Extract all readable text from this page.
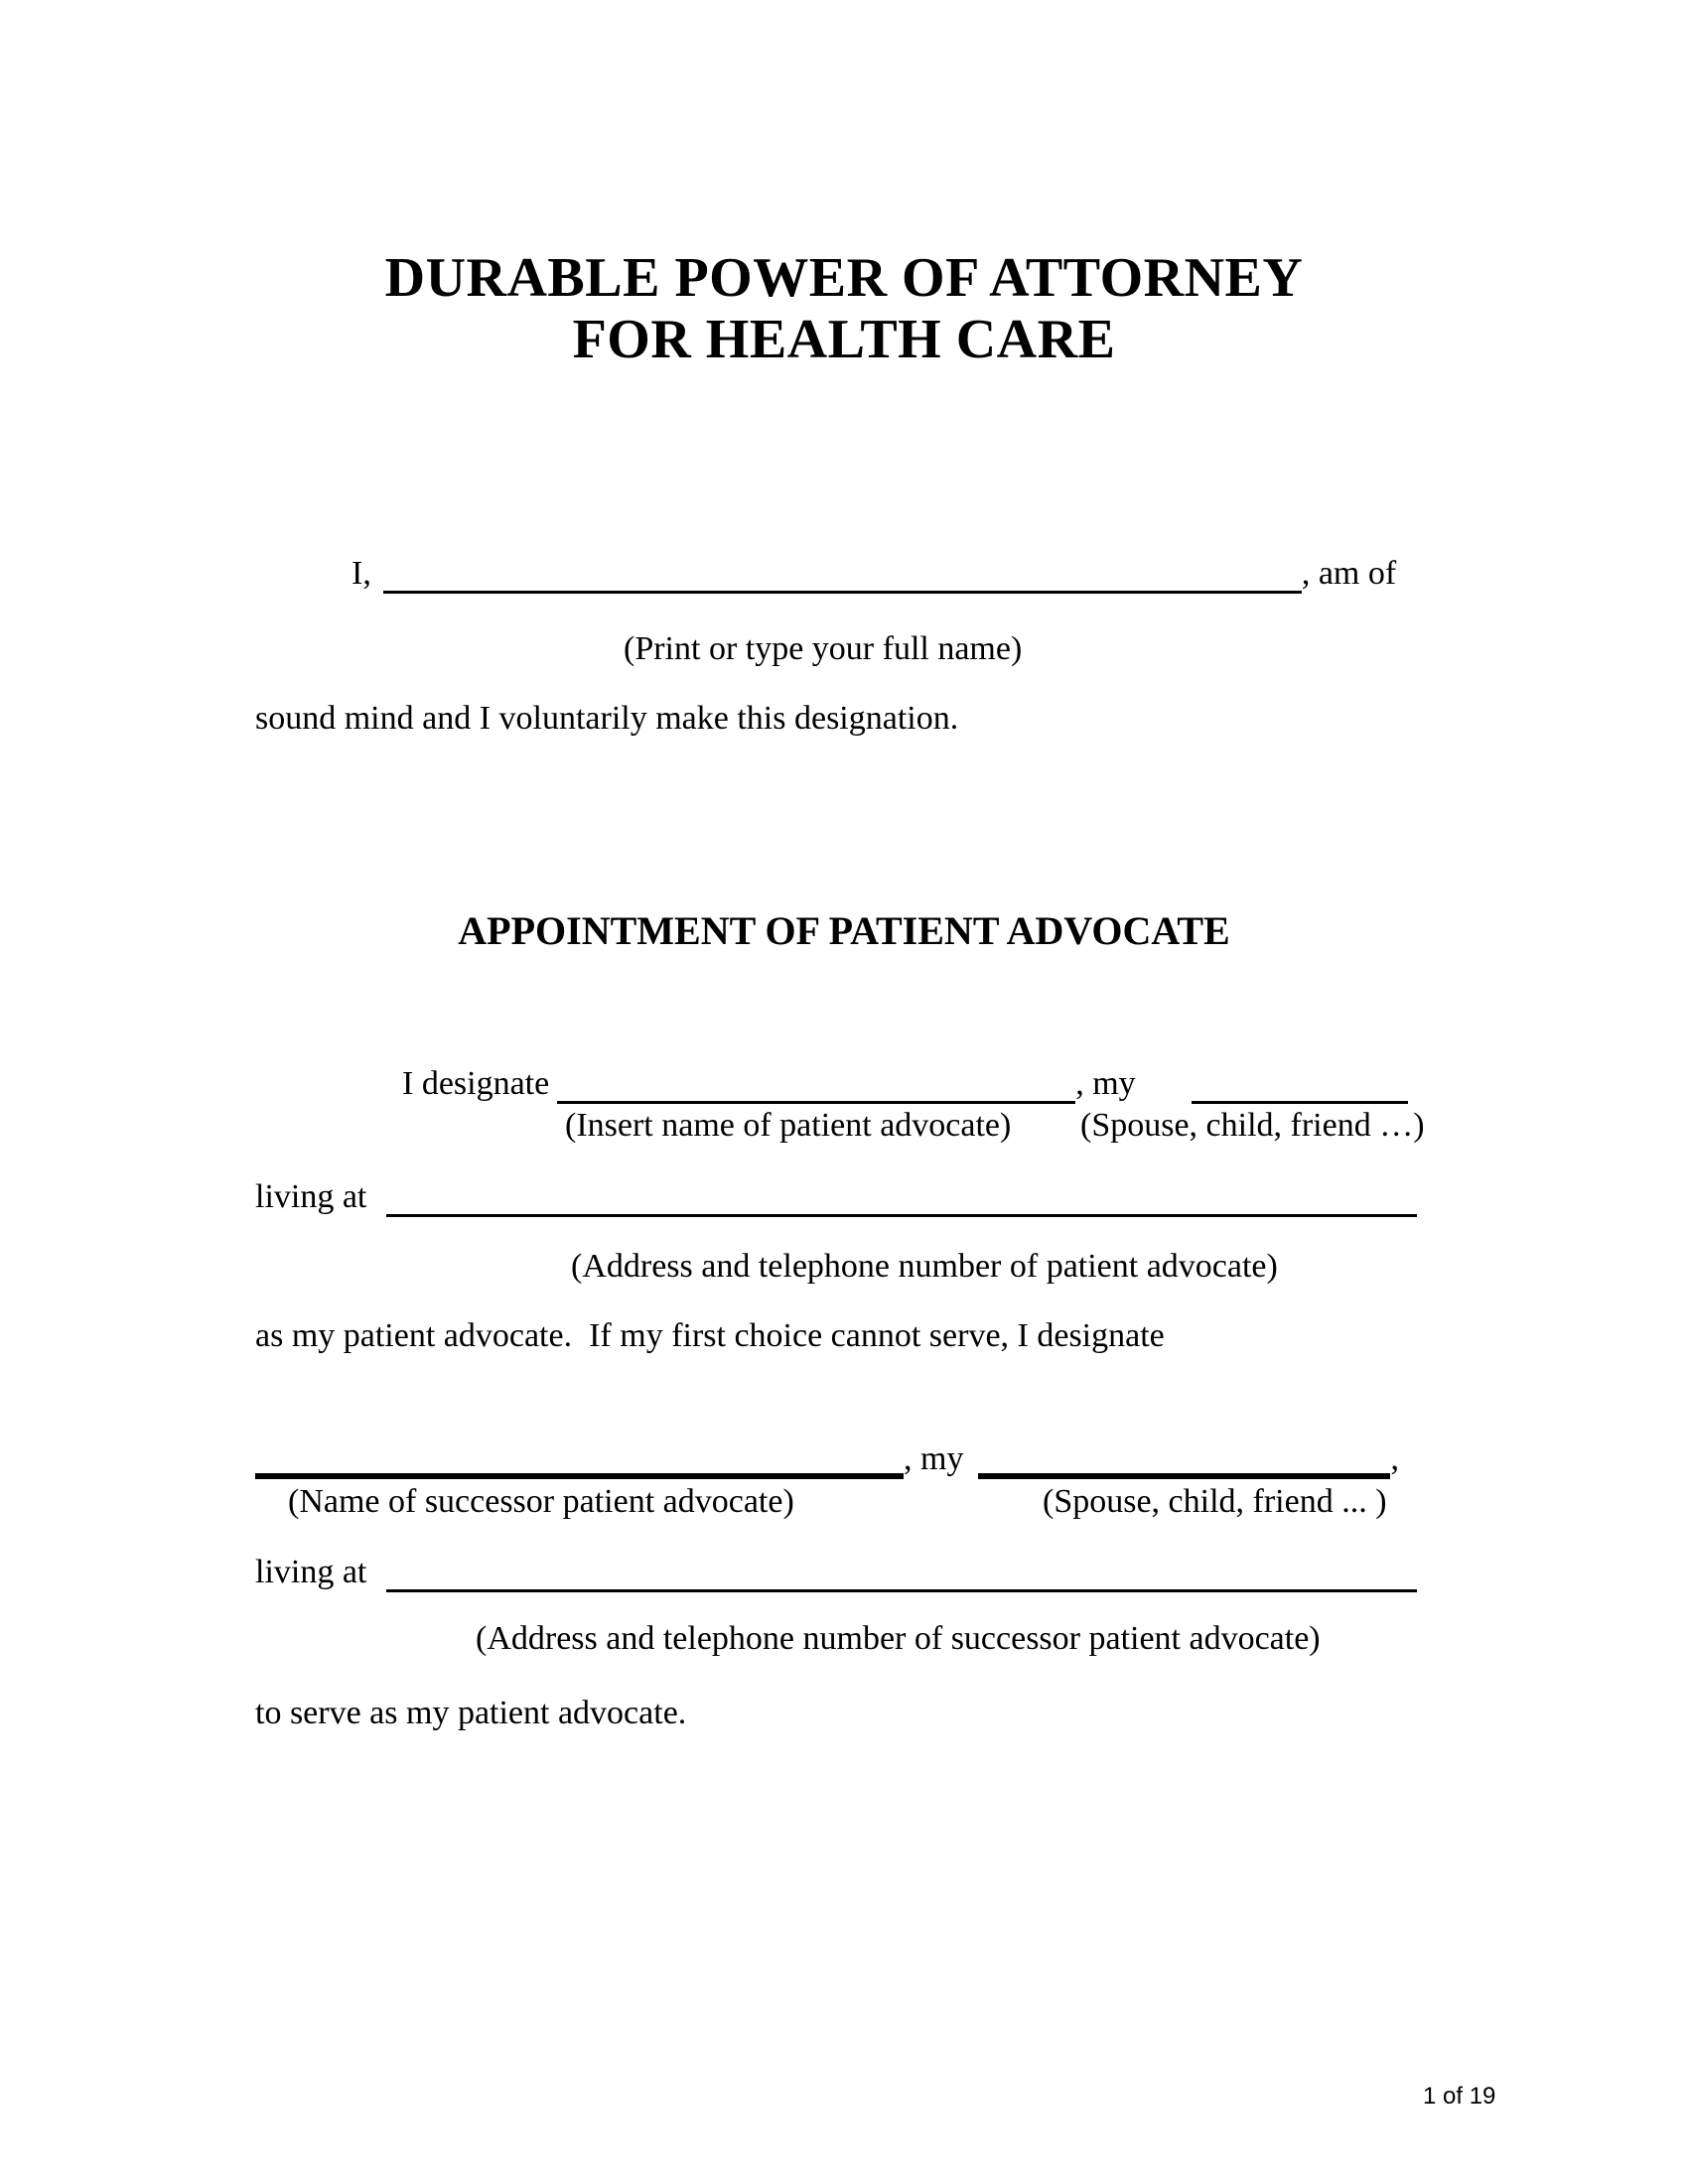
DURABLE POWER OF ATTORNEY
FOR HEALTH CARE
I,	, am of
(Print or type your full name)
sound mind and I voluntarily make this designation.
APPOINTMENT OF PATIENT ADVOCATE
I designate	, my
(Insert name of patient advocate) (Spouse, child, friend …)
living at
(Address and telephone number of patient advocate)
as my patient advocate.  If my first choice cannot serve, I designate
, my	,
(Name of successor patient advocate)	(Spouse, child, friend ... )
living at
(Address and telephone number of successor patient advocate)
to serve as my patient advocate.
1 of 19
